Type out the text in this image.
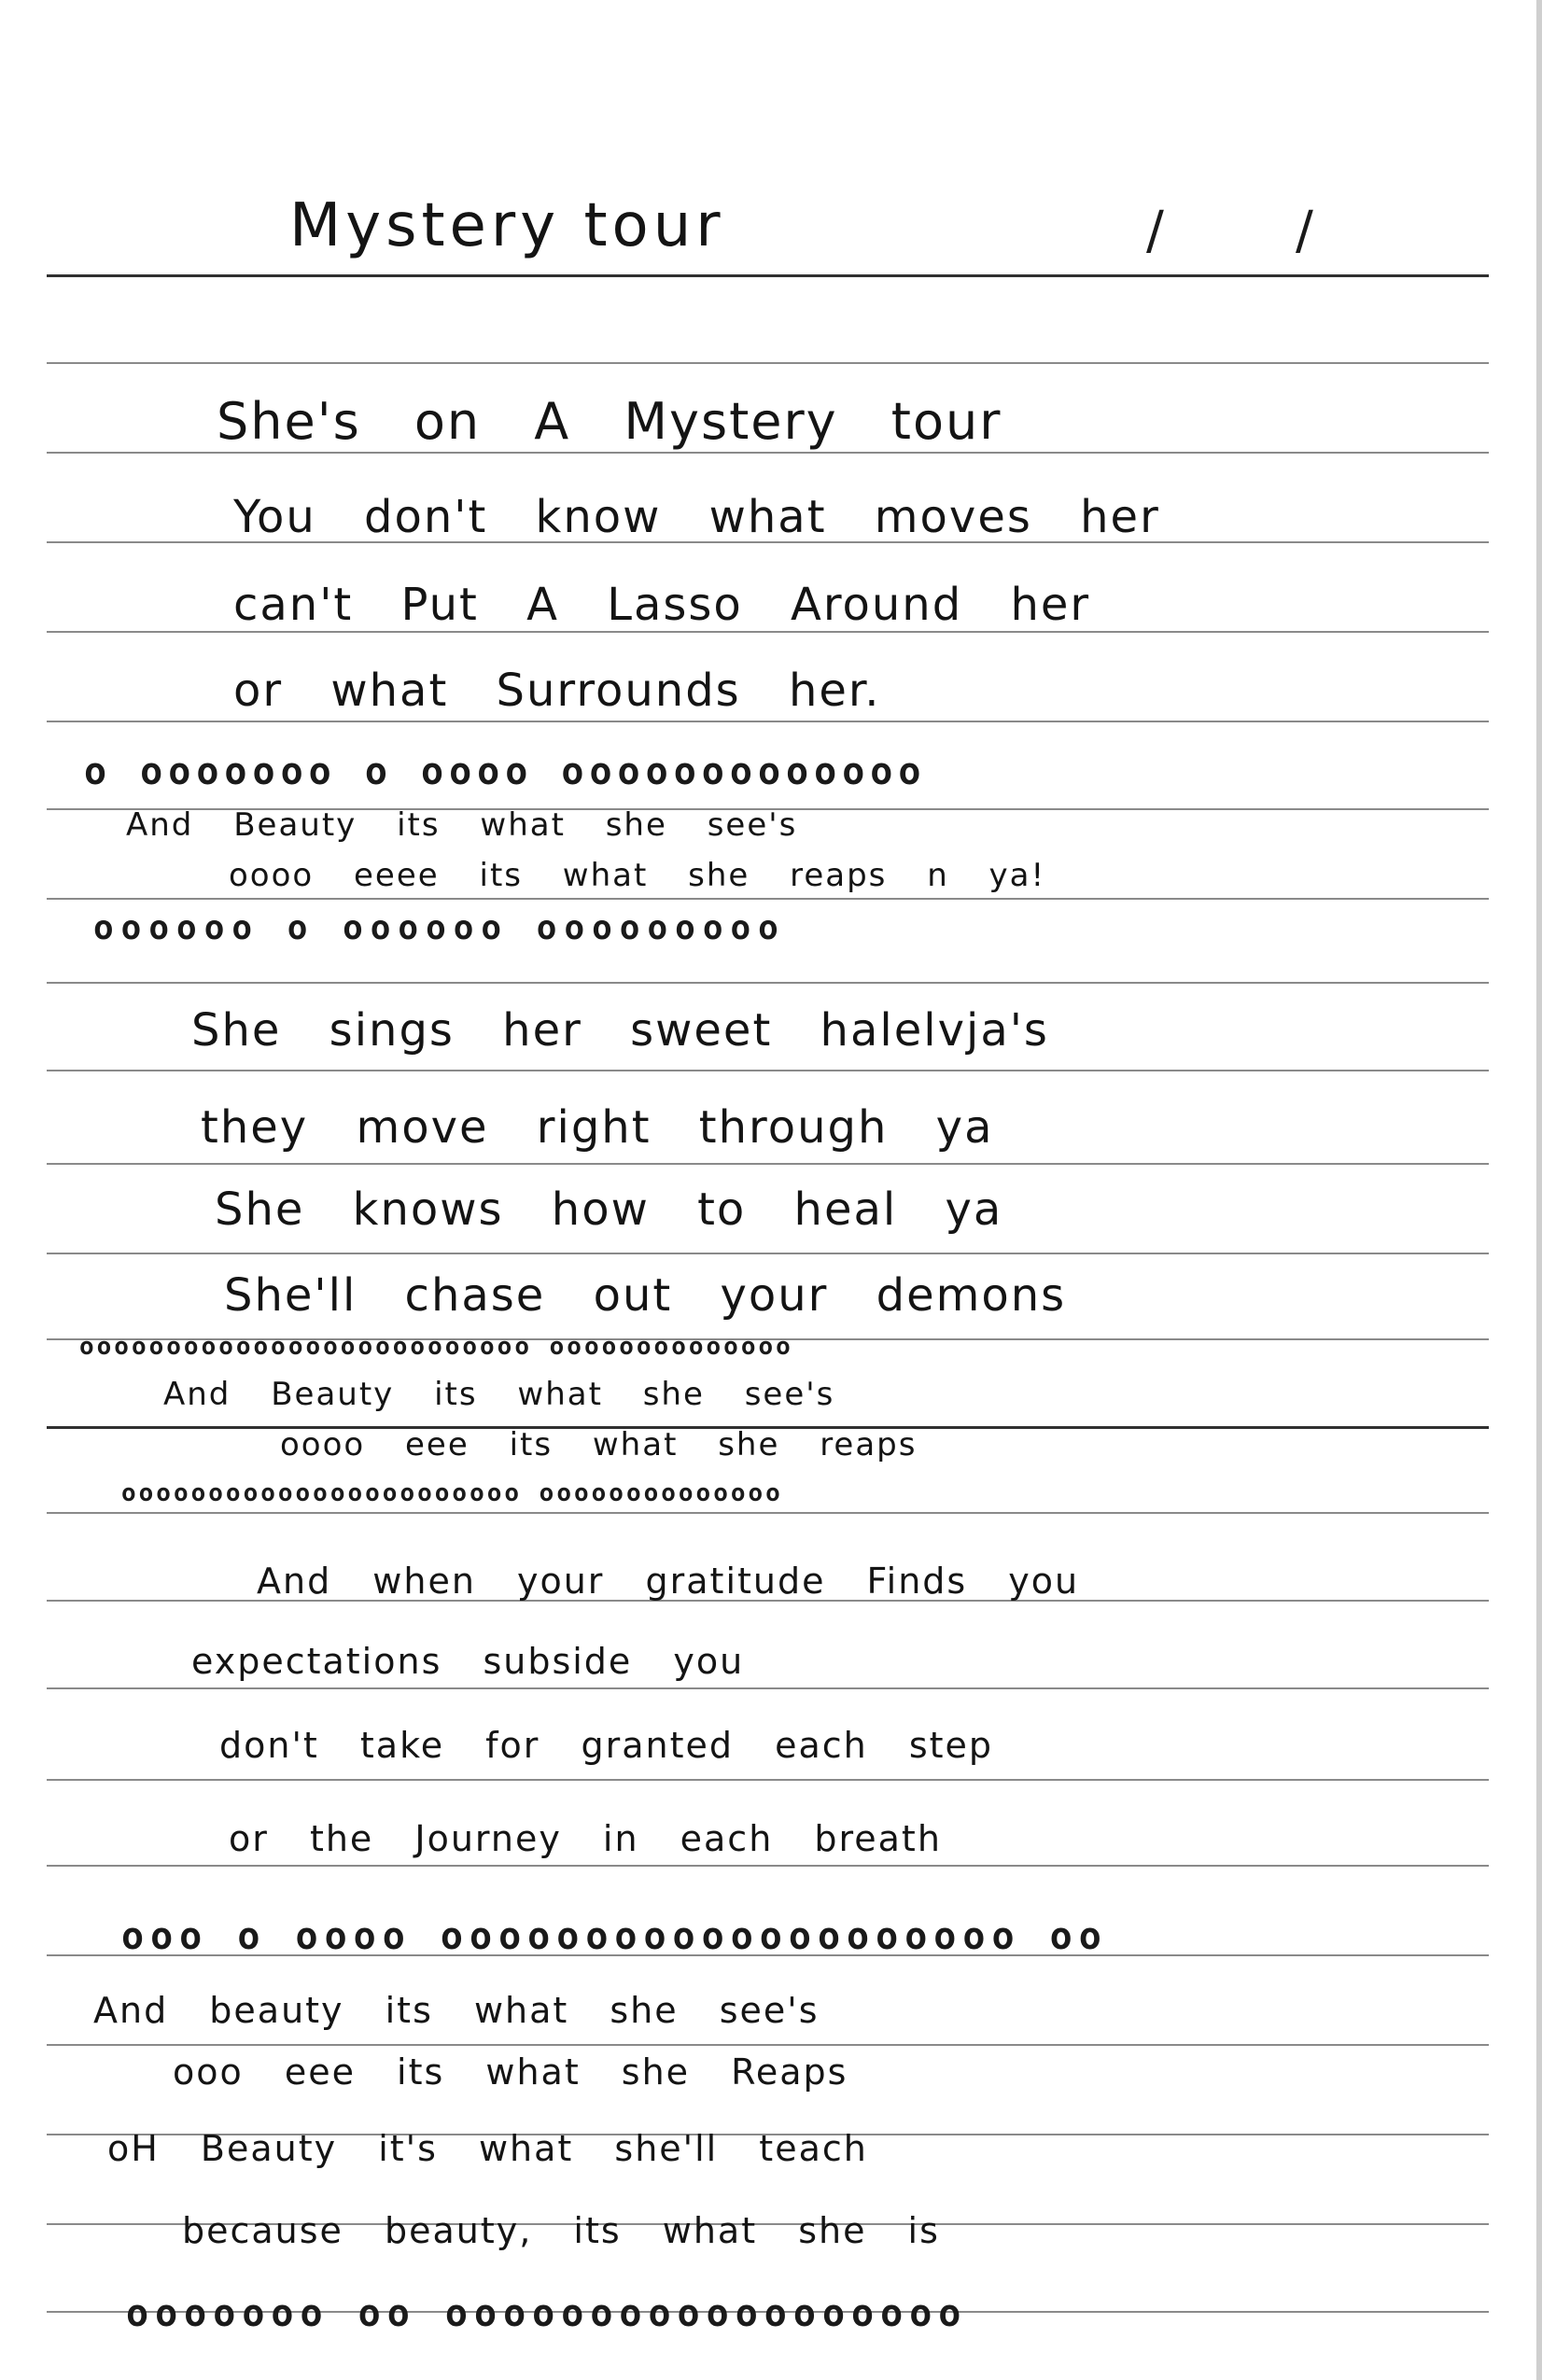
Mystery tour	/	/
She's on A Mystery tour
You don't know what moves her
can't Put A Lasso Around her
or what Surrounds her.
o ooooooo o oooo ooooooooooooo
And Beauty its what she see's
oooo eeee its what she reaps n ya!
oooooo o oooooo ooooooooo
She sings her sweet halelvja's
they move right through ya
She knows how to heal ya
She'll chase out your demons
oooooooooooooooooooooooooo oooooooooooooo
And Beauty its what she see's
oooo eee its what she reaps
ooooooooooooooooooooooo oooooooooooooo
And when your gratitude Finds you
expectations subside you
don't take for granted each step
or the Journey in each breath
ooo o oooo oooooooooooooooooooo oo
And beauty its what she see's
ooo eee its what she Reaps
oH Beauty it's what she'll teach
because beauty, its what she is
ooooooo oo oooooooooooooooooo
